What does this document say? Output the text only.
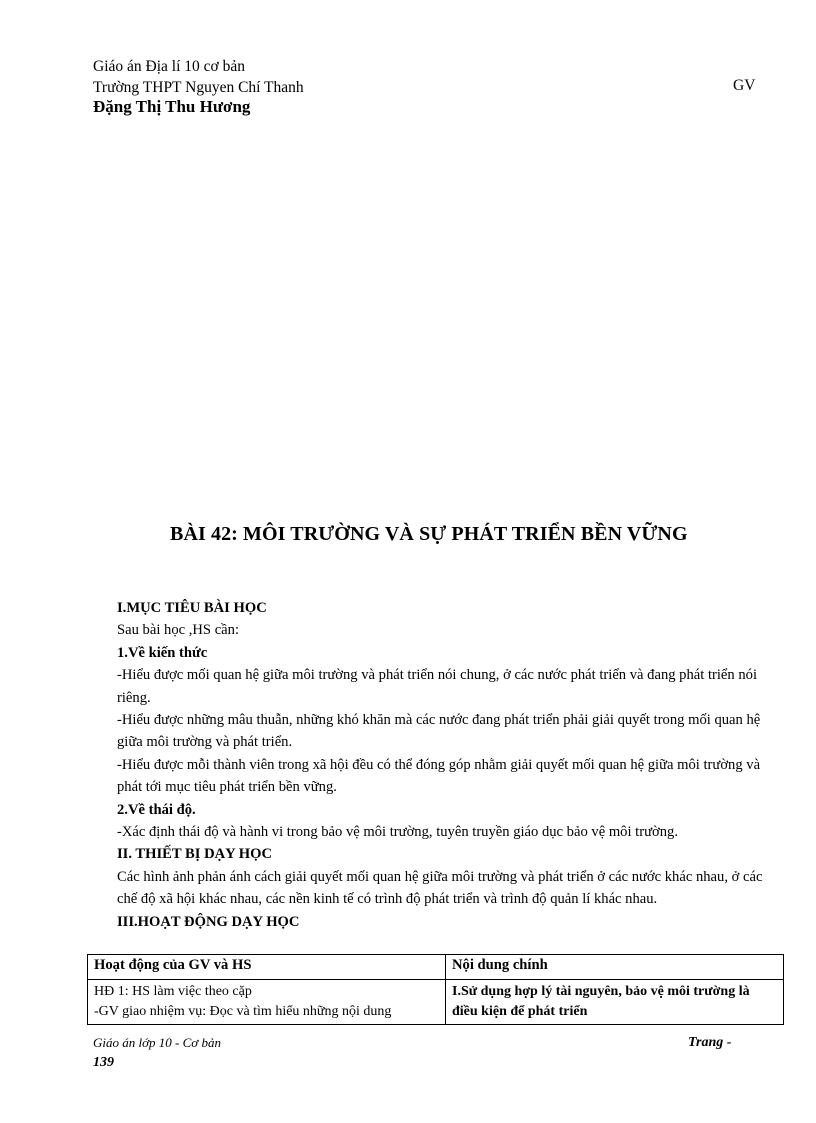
Giáo án Địa lí 10 cơ bản
Trường THPT Nguyen Chí Thanh	GV
Đặng Thị Thu Hương
BÀI 42: MÔI TRƯỜNG VÀ SỰ PHÁT TRIỂN BỀN VỮNG

I.MỤC TIÊU BÀI HỌC

Sau bài học ,HS cần:

1.Về kiến thức

-Hiểu được mối quan hệ giữa môi trường và phát triển nói chung, ở các nước phát triển và đang phát triển nói riêng.

-Hiểu được những mâu thuẫn, những khó khăn mà các nước đang phát triển phải giải quyết trong mối quan hệ giữa môi trường và phát triển.

-Hiểu được mỗi thành viên trong xã hội đều có thể đóng góp nhằm giải quyết mối quan hệ giữa môi trường và phát tới mục tiêu phát triển bền vững.

2.Về thái độ.

-Xác định thái độ và hành vi trong bảo vệ môi trường, tuyên truyền giáo dục bảo vệ môi trường.

II. THIẾT BỊ DẠY HỌC

Các hình ảnh phản ánh cách giải quyết mối quan hệ giữa môi trường và phát triển ở các nước khác nhau, ở các chế độ xã hội khác nhau, các nền kinh tế có trình độ phát triển và trình độ quản lí khác nhau.

III.HOẠT ĐỘNG DẠY HỌC

Hoạt động của GV và HS	Nội dung chính

HĐ 1: HS làm việc theo cặp
-GV giao nhiệm vụ: Đọc và tìm hiểu những nội dung	I.Sử dụng hợp lý tài nguyên, bảo vệ môi trường là điều kiện để phát triển
Giáo án lớp 10 - Cơ bản
139
Trang -
